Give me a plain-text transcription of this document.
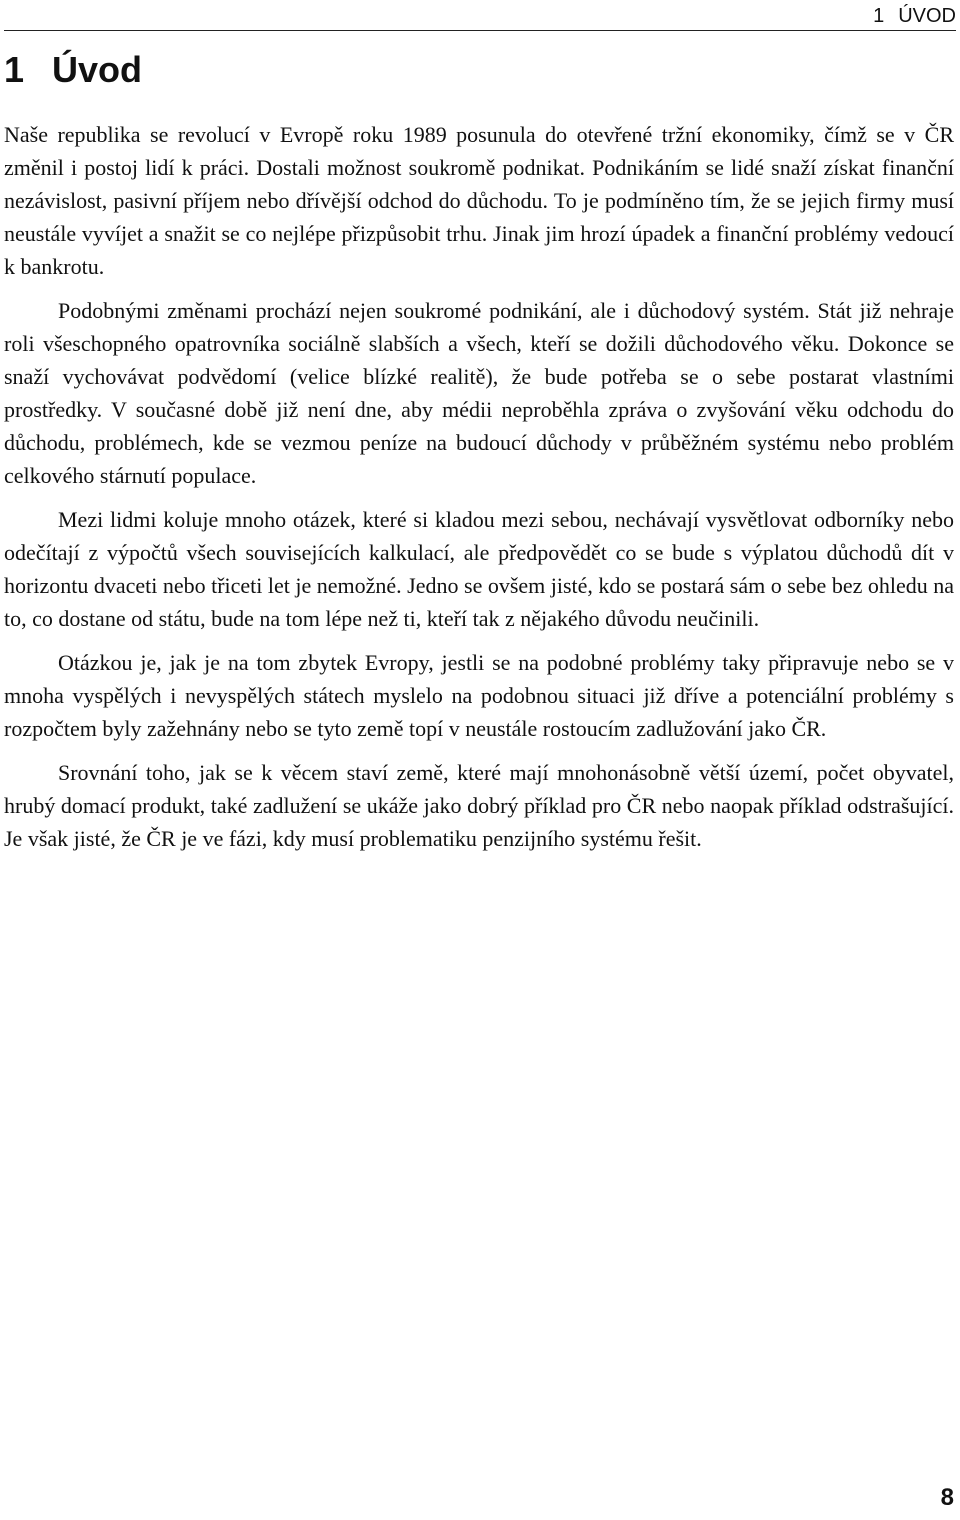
1 ÚVOD
1 Úvod

Naše republika se revolucí v Evropě roku 1989 posunula do otevřené tržní ekonomiky, čímž se v ČR změnil i postoj lidí k práci. Dostali možnost soukromě podnikat. Podnikáním se lidé snaží získat finanční nezávislost, pasivní příjem nebo dřívější odchod do důchodu. To je podmíněno tím, že se jejich firmy musí neustále vyvíjet a snažit se co nejlépe přizpůsobit trhu. Jinak jim hrozí úpadek a finanční problémy vedoucí k bankrotu.

Podobnými změnami prochází nejen soukromé podnikání, ale i důchodový systém. Stát již nehraje roli všeschopného opatrovníka sociálně slabších a všech, kteří se dožili důchodového věku. Dokonce se snaží vychovávat podvědomí (velice blízké realitě), že bude potřeba se o sebe postarat vlastními prostředky. V současné době již není dne, aby médii neproběhla zpráva o zvyšování věku odchodu do důchodu, problémech, kde se vezmou peníze na budoucí důchody v průběžném systému nebo problém celkového stárnutí populace.

Mezi lidmi koluje mnoho otázek, které si kladou mezi sebou, nechávají vysvětlovat odborníky nebo odečítají z výpočtů všech souvisejících kalkulací, ale předpovědět co se bude s výplatou důchodů dít v horizontu dvaceti nebo třiceti let je nemožné. Jedno se ovšem jisté, kdo se postará sám o sebe bez ohledu na to, co dostane od státu, bude na tom lépe než ti, kteří tak z nějakého důvodu neučinili.

Otázkou je, jak je na tom zbytek Evropy, jestli se na podobné problémy taky připravuje nebo se v mnoha vyspělých i nevyspělých státech myslelo na podobnou situaci již dříve a potenciální problémy s rozpočtem byly zažehnány nebo se tyto země topí v neustále rostoucím zadlužování jako ČR.

Srovnání toho, jak se k věcem staví země, které mají mnohonásobně větší území, počet obyvatel, hrubý domací produkt, také zadlužení se ukáže jako dobrý příklad pro ČR nebo naopak příklad odstrašující. Je však jisté, že ČR je ve fázi, kdy musí problematiku penzijního systému řešit.

8
